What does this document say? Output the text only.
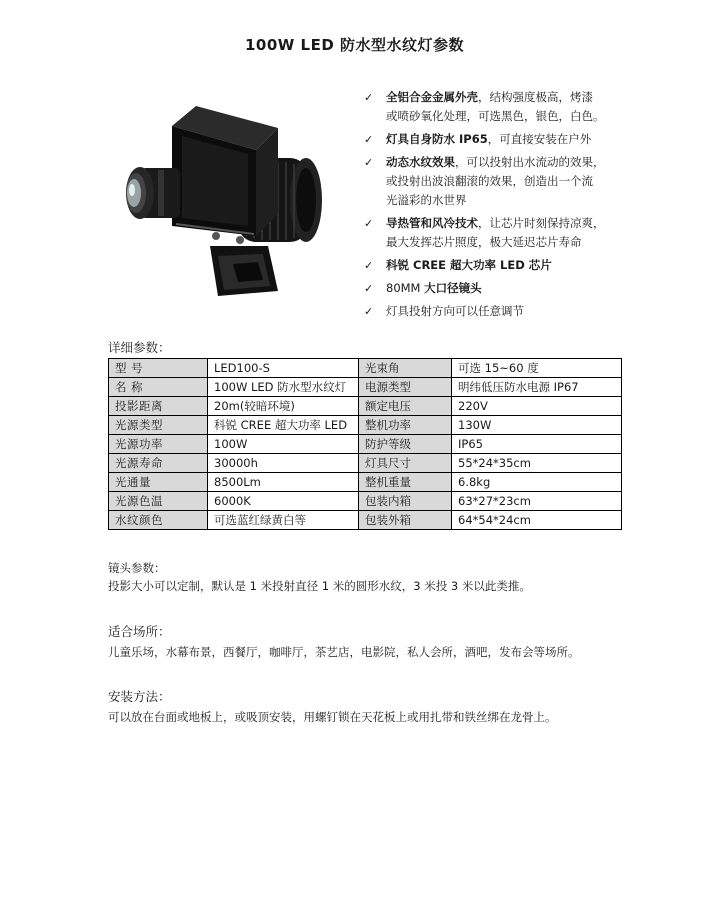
100W LED 防水型水纹灯参数
✓ 全铝合金金属外壳，结构强度极高，烤漆
或喷砂氧化处理，可选黑色，银色，白色。
✓ 灯具自身防水 IP65，可直接安装在户外
✓ 动态水纹效果，可以投射出水流动的效果，
或投射出波浪翻滚的效果，创造出一个流
光溢彩的水世界
✓ 导热管和风冷技术，让芯片时刻保持凉爽，
最大发挥芯片照度，极大延迟芯片寿命
✓ 科锐 CREE 超大功率 LED 芯片
✓ 80MM 大口径镜头
✓ 灯具投射方向可以任意调节
详细参数：
型 号	LED100-S	光束角	可选 15~60 度
名 称	100W LED 防水型水纹灯	电源类型	明纬低压防水电源 IP67
投影距离	20m(较暗环境)	额定电压	220V
光源类型	科锐 CREE 超大功率 LED	整机功率	130W
光源功率	100W	防护等级	IP65
光源寿命	30000h	灯具尺寸	55*24*35cm
光通量	8500Lm	整机重量	6.8kg
光源色温	6000K	包装内箱	63*27*23cm
水纹颜色	可选蓝红绿黄白等	包装外箱	64*54*24cm
镜头参数：
投影大小可以定制，默认是 1 米投射直径 1 米的圆形水纹，3 米投 3 米以此类推。
适合场所：
儿童乐场，水幕布景，西餐厅，咖啡厅，茶艺店，电影院，私人会所，酒吧，发布会等场所。
安装方法：
可以放在台面或地板上，或吸顶安装，用螺钉锁在天花板上或用扎带和铁丝绑在龙骨上。
